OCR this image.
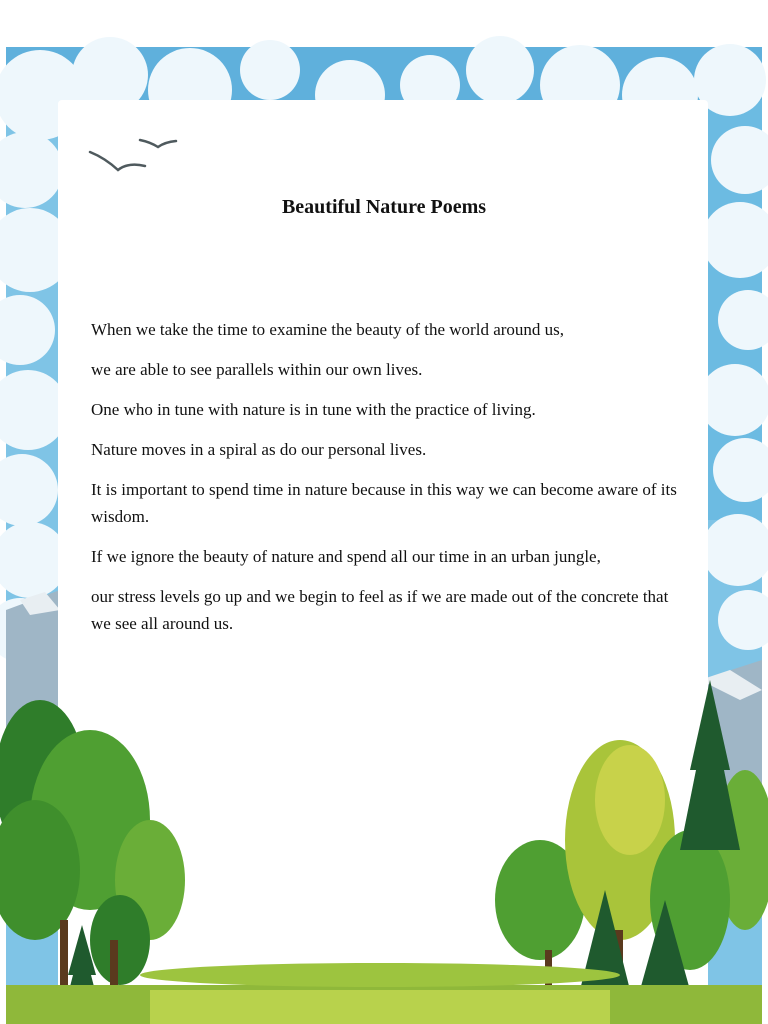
Beautiful Nature Poems
When we take the time to examine the beauty of the world around us,
we are able to see parallels within our own lives.
One who in tune with nature is in tune with the practice of living.
Nature moves in a spiral as do our personal lives.
It is important to spend time in nature because in this way we can become aware of its wisdom.
If we ignore the beauty of nature and spend all our time in an urban jungle,
our stress levels go up and we begin to feel as if we are made out of the concrete that we see all around us.
